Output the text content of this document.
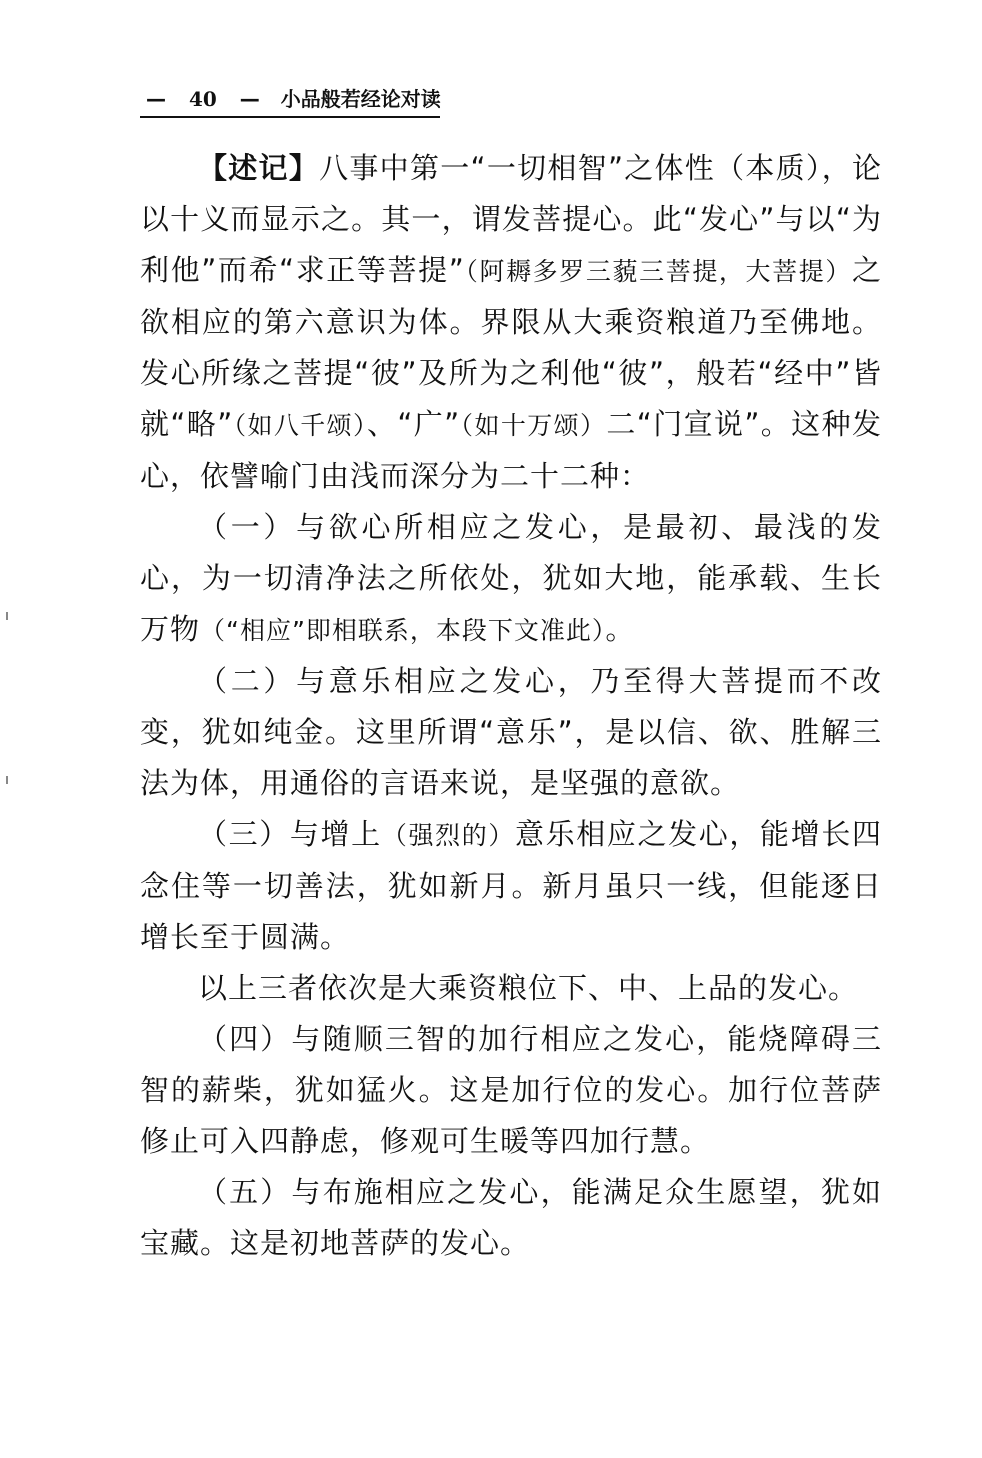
— 40 — 小品般若经论对读

【述记】八事中第一“一切相智”之体性（本质），论以十义而显示之。其一，谓发菩提心。此“发心”与以“为利他”而希“求正等菩提”（阿耨多罗三藐三菩提，大菩提）之欲相应的第六意识为体。界限从大乘资粮道乃至佛地。发心所缘之菩提“彼”及所为之利他“彼”，般若“经中”皆就“略”（如八千颂）、“广”（如十万颂）二“门宣说”。这种发心，依譬喻门由浅而深分为二十二种：

（一）与欲心所相应之发心，是最初、最浅的发心，为一切清净法之所依处，犹如大地，能承载、生长万物（“相应”即相联系，本段下文准此）。

（二）与意乐相应之发心，乃至得大菩提而不改变，犹如纯金。这里所谓“意乐”，是以信、欲、胜解三法为体，用通俗的言语来说，是坚强的意欲。

（三）与增上（强烈的）意乐相应之发心，能增长四念住等一切善法，犹如新月。新月虽只一线，但能逐日增长至于圆满。

以上三者依次是大乘资粮位下、中、上品的发心。

（四）与随顺三智的加行相应之发心，能烧障碍三智的薪柴，犹如猛火。这是加行位的发心。加行位菩萨修止可入四静虑，修观可生暖等四加行慧。

（五）与布施相应之发心，能满足众生愿望，犹如宝藏。这是初地菩萨的发心。
